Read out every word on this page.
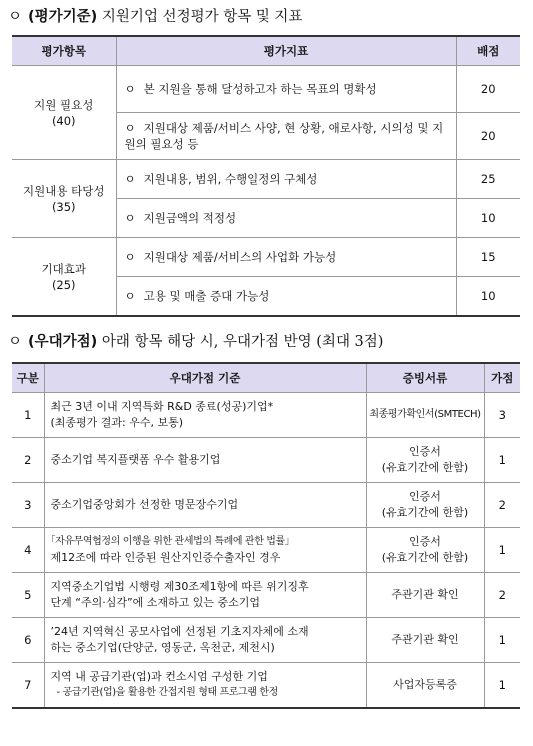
ㅇ (평가기준) 지원기업 선정평가 항목 및 지표
평가항목	평가지표	배점

지원 필요성
(40)	ㅇ 본 지원을 통해 달성하고자 하는 목표의 명확성	20
	ㅇ 지원대상 제품/서비스 사양, 현 상황, 애로사항, 시의성 및 지원의 필요성 등	20

지원내용 타당성
(35)	ㅇ 지원내용, 범위, 수행일정의 구체성	25
	ㅇ 지원금액의 적정성	10

기대효과
(25)	ㅇ 지원대상 제품/서비스의 사업화 가능성	15
	ㅇ 고용 및 매출 증대 가능성	10
ㅇ (우대가점) 아래 항목 해당 시, 우대가점 반영 (최대 3점)
구분	우대가점 기준	증빙서류	가점
1	최근 3년 이내 지역특화 R&D 종료(성공)기업*
(최종평가 결과: 우수, 보통)	최종평가확인서(SMTECH)	3
2	중소기업 복지플랫폼 우수 활용기업	인증서
(유효기간에 한함)	1
3	중소기업중앙회가 선정한 명문장수기업	인증서
(유효기간에 한함)	2
4	｢자유무역협정의 이행을 위한 관세법의 특례에 관한 법률｣
제12조에 따라 인증된 원산지인증수출자인 경우	인증서
(유효기간에 한함)	1
5	지역중소기업법 시행령 제30조제1항에 따른 위기징후
단계 “주의·심각”에 소재하고 있는 중소기업	주관기관 확인	2
6	’24년 지역혁신 공모사업에 선정된 기초지자체에 소재
하는 중소기업(단양군, 영동군, 옥천군, 제천시)	주관기관 확인	1
7	지역 내 공급기관(업)과 컨소시엄 구성한 기업
- 공급기관(업)을 활용한 간접지원 형태 프로그램 한정	사업자등록증	1
